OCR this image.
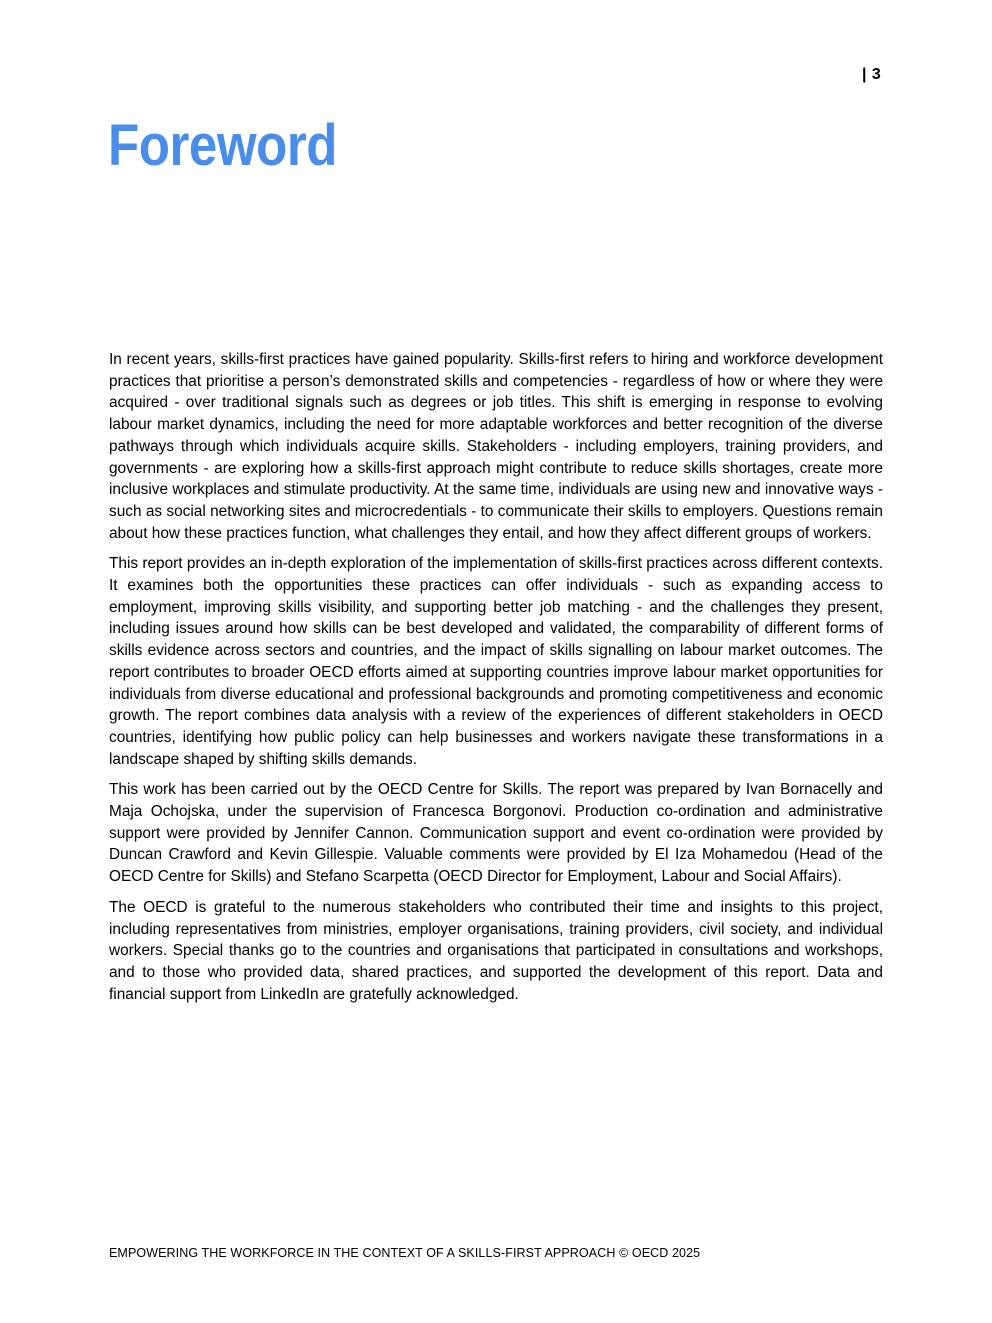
| 3
Foreword

In recent years, skills-first practices have gained popularity. Skills-first refers to hiring and workforce development practices that prioritise a person’s demonstrated skills and competencies - regardless of how or where they were acquired - over traditional signals such as degrees or job titles. This shift is emerging in response to evolving labour market dynamics, including the need for more adaptable workforces and better recognition of the diverse pathways through which individuals acquire skills. Stakeholders - including employers, training providers, and governments - are exploring how a skills-first approach might contribute to reduce skills shortages, create more inclusive workplaces and stimulate productivity. At the same time, individuals are using new and innovative ways - such as social networking sites and microcredentials - to communicate their skills to employers. Questions remain about how these practices function, what challenges they entail, and how they affect different groups of workers.

This report provides an in-depth exploration of the implementation of skills-first practices across different contexts. It examines both the opportunities these practices can offer individuals - such as expanding access to employment, improving skills visibility, and supporting better job matching - and the challenges they present, including issues around how skills can be best developed and validated, the comparability of different forms of skills evidence across sectors and countries, and the impact of skills signalling on labour market outcomes. The report contributes to broader OECD efforts aimed at supporting countries improve labour market opportunities for individuals from diverse educational and professional backgrounds and promoting competitiveness and economic growth. The report combines data analysis with a review of the experiences of different stakeholders in OECD countries, identifying how public policy can help businesses and workers navigate these transformations in a landscape shaped by shifting skills demands.

This work has been carried out by the OECD Centre for Skills. The report was prepared by Ivan Bornacelly and Maja Ochojska, under the supervision of Francesca Borgonovi. Production co-ordination and administrative support were provided by Jennifer Cannon. Communication support and event co-ordination were provided by Duncan Crawford and Kevin Gillespie. Valuable comments were provided by El Iza Mohamedou (Head of the OECD Centre for Skills) and Stefano Scarpetta (OECD Director for Employment, Labour and Social Affairs).

The OECD is grateful to the numerous stakeholders who contributed their time and insights to this project, including representatives from ministries, employer organisations, training providers, civil society, and individual workers. Special thanks go to the countries and organisations that participated in consultations and workshops, and to those who provided data, shared practices, and supported the development of this report. Data and financial support from LinkedIn are gratefully acknowledged.

EMPOWERING THE WORKFORCE IN THE CONTEXT OF A SKILLS-FIRST APPROACH © OECD 2025
